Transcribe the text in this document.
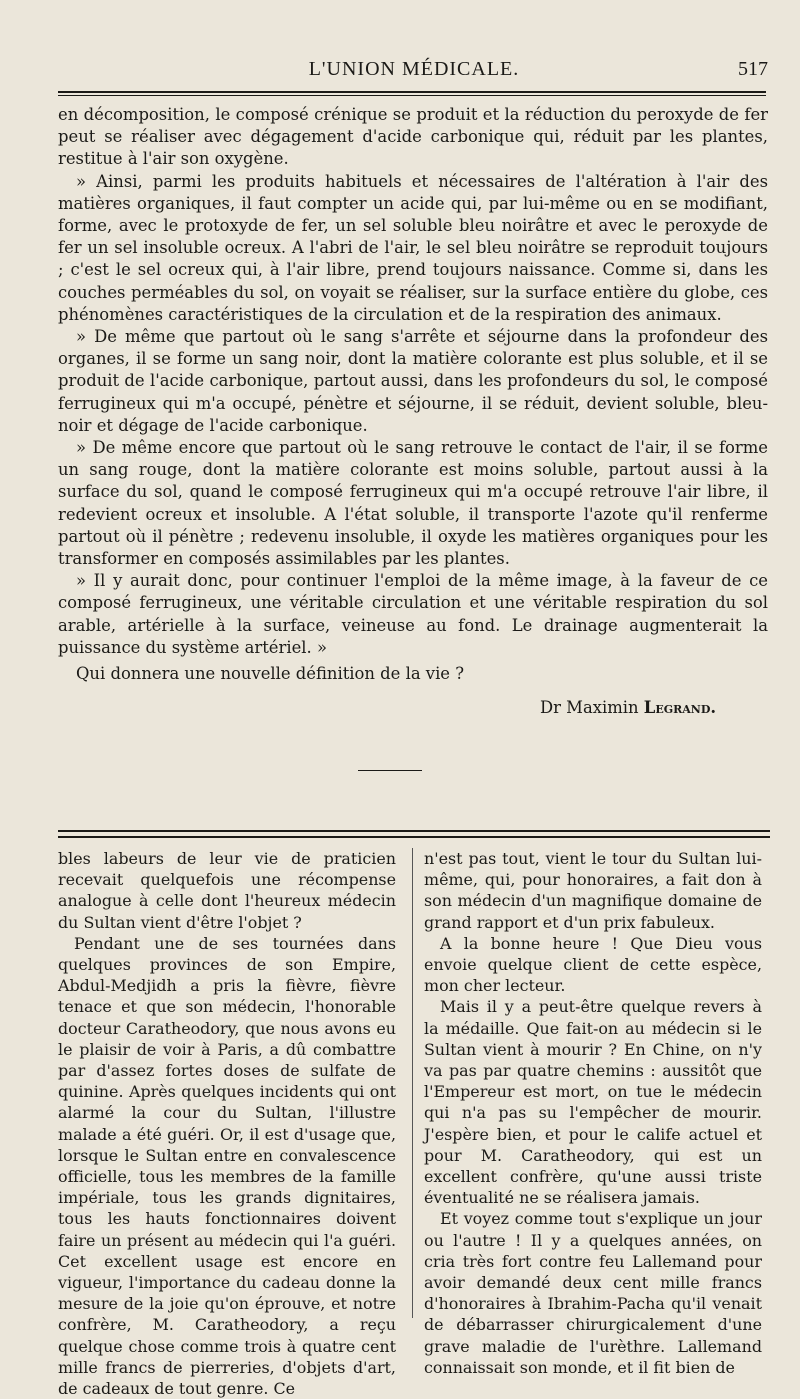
L'UNION MÉDICALE.	517

en décomposition, le composé crénique se produit et la réduction du peroxyde de fer peut se réaliser avec dégagement d'acide carbonique qui, réduit par les plantes, restitue à l'air son oxygène.

» Ainsi, parmi les produits habituels et nécessaires de l'altération à l'air des matières organiques, il faut compter un acide qui, par lui-même ou en se modifiant, forme, avec le protoxyde de fer, un sel soluble bleu noirâtre et avec le peroxyde de fer un sel insoluble ocreux. A l'abri de l'air, le sel bleu noirâtre se reproduit toujours ; c'est le sel ocreux qui, à l'air libre, prend toujours naissance. Comme si, dans les couches perméables du sol, on voyait se réaliser, sur la surface entière du globe, ces phénomènes caractéristiques de la circulation et de la respiration des animaux.

» De même que partout où le sang s'arrête et séjourne dans la profondeur des organes, il se forme un sang noir, dont la matière colorante est plus soluble, et il se produit de l'acide carbonique, partout aussi, dans les profondeurs du sol, le composé ferrugineux qui m'a occupé, pénètre et séjourne, il se réduit, devient soluble, bleu-noir et dégage de l'acide carbonique.

» De même encore que partout où le sang retrouve le contact de l'air, il se forme un sang rouge, dont la matière colorante est moins soluble, partout aussi à la surface du sol, quand le composé ferrugineux qui m'a occupé retrouve l'air libre, il redevient ocreux et insoluble. A l'état soluble, il transporte l'azote qu'il renferme partout où il pénètre ; redevenu insoluble, il oxyde les matières organiques pour les transformer en composés assimilables par les plantes.

» Il y aurait donc, pour continuer l'emploi de la même image, à la faveur de ce composé ferrugineux, une véritable circulation et une véritable respiration du sol arable, artérielle à la surface, veineuse au fond. Le drainage augmenterait la puissance du système artériel. »

Qui donnera une nouvelle définition de la vie ?

Dr Maximin Legrand.

bles labeurs de leur vie de praticien recevait quelquefois une récompense analogue à celle dont l'heureux médecin du Sultan vient d'être l'objet ?

Pendant une de ses tournées dans quelques provinces de son Empire, Abdul-Medjidh a pris la fièvre, fièvre tenace et que son médecin, l'honorable docteur Caratheodory, que nous avons eu le plaisir de voir à Paris, a dû combattre par d'assez fortes doses de sulfate de quinine. Après quelques incidents qui ont alarmé la cour du Sultan, l'illustre malade a été guéri. Or, il est d'usage que, lorsque le Sultan entre en convalescence officielle, tous les membres de la famille impériale, tous les grands dignitaires, tous les hauts fonctionnaires doivent faire un présent au médecin qui l'a guéri. Cet excellent usage est encore en vigueur, l'importance du cadeau donne la mesure de la joie qu'on éprouve, et notre confrère, M. Caratheodory, a reçu quelque chose comme trois à quatre cent mille francs de pierreries, d'objets d'art, de cadeaux de tout genre. Ce

n'est pas tout, vient le tour du Sultan lui-même, qui, pour honoraires, a fait don à son médecin d'un magnifique domaine de grand rapport et d'un prix fabuleux.

A la bonne heure ! Que Dieu vous envoie quelque client de cette espèce, mon cher lecteur.

Mais il y a peut-être quelque revers à la médaille. Que fait-on au médecin si le Sultan vient à mourir ? En Chine, on n'y va pas par quatre chemins : aussitôt que l'Empereur est mort, on tue le médecin qui n'a pas su l'empêcher de mourir. J'espère bien, et pour le calife actuel et pour M. Caratheodory, qui est un excellent confrère, qu'une aussi triste éventualité ne se réalisera jamais.

Et voyez comme tout s'explique un jour ou l'autre ! Il y a quelques années, on cria très fort contre feu Lallemand pour avoir demandé deux cent mille francs d'honoraires à Ibrahim-Pacha qu'il venait de débarrasser chirurgicalement d'une grave maladie de l'urèthre. Lallemand connaissait son monde, et il fit bien de
